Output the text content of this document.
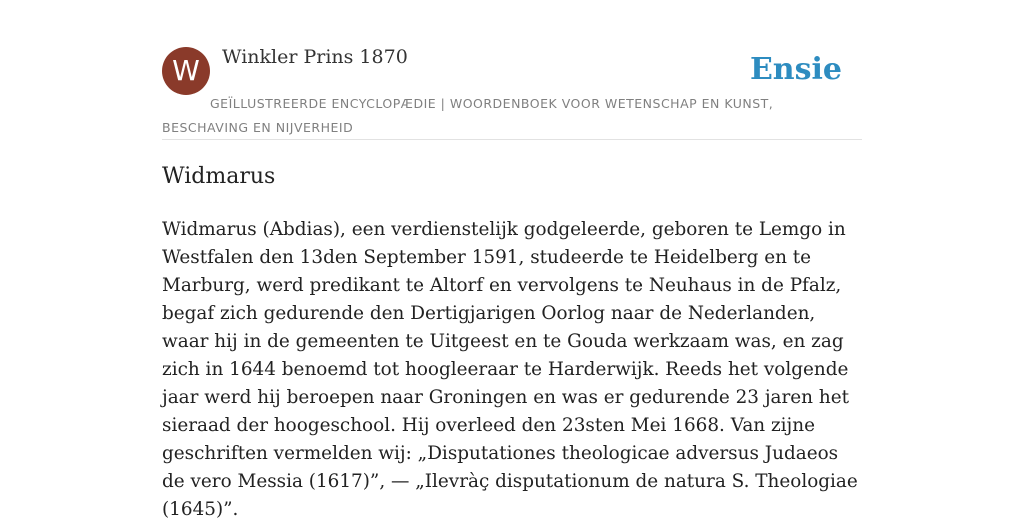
W Winkler Prins 1870	Ensie
GEÏLLUSTREERDE ENCYCLOPÆDIE | WOORDENBOEK VOOR WETENSCHAP EN KUNST, BESCHAVING EN NIJVERHEID
Widmarus

Widmarus (Abdias), een verdienstelijk godgeleerde, geboren te Lemgo in Westfalen den 13den September 1591, studeerde te Heidelberg en te Marburg, werd predikant te Altorf en vervolgens te Neuhaus in de Pfalz, begaf zich gedurende den Dertigjarigen Oorlog naar de Nederlanden, waar hij in de gemeenten te Uitgeest en te Gouda werkzaam was, en zag zich in 1644 benoemd tot hoogleeraar te Harderwijk. Reeds het volgende jaar werd hij beroepen naar Groningen en was er gedurende 23 jaren het sieraad der hoogeschool. Hij overleed den 23sten Mei 1668. Van zijne geschriften vermelden wij: „Disputationes theologicae adversus Judaeos de vero Messia (1617)”, — „Ilevràç disputationum de natura S. Theologiae (1645)”.
